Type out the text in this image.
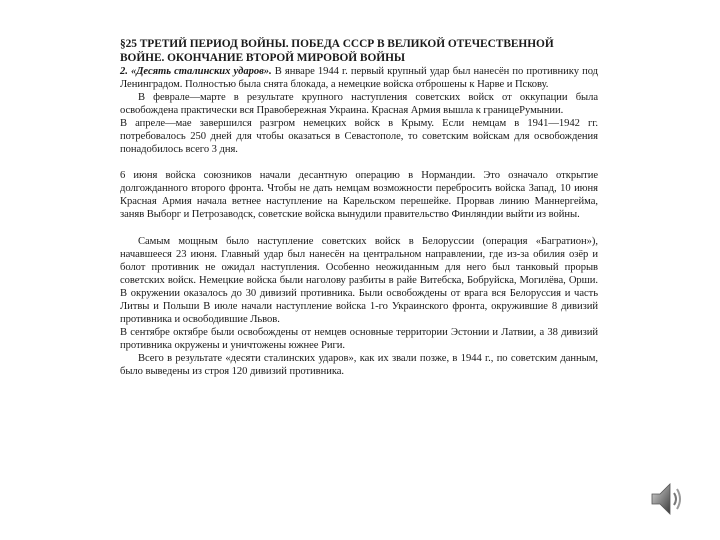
§25 ТРЕТИЙ ПЕРИОД ВОЙНЫ. ПОБЕДА СССР В ВЕЛИКОЙ ОТЕЧЕСТВЕННОЙ
ВОЙНЕ. ОКОНЧАНИЕ ВТОРОЙ МИРОВОЙ ВОЙНЫ

2. «Десять сталинских ударов». В январе 1944 г. первый крупный удар был нанесён по противнику под Ленинградом. Полностью была снята блокада, а немецкие войска отброшены к Нарве и Пскову.

В феврале—марте в результате крупного наступления советских войск от оккупации была освобождена практически вся Правобережная Украина. Красная Армия вышла к границеРумынии.

В апреле—мае завершился разгром немецких войск в Крыму. Если немцам в 1941—1942 гг. потребовалось 250 дней для чтобы оказаться в Севастополе, то советским войскам для освобождения понадобилось всего 3 дня.

6 июня войска союзников начали десантную операцию в Нормандии. Это означало открытие долгожданного второго фронта. Чтобы не дать немцам возможности перебросить войска Запад, 10 июня Красная Армия начала ветнее наступление на Карельском перешейке. Прорвав линию Маннергейма, заняв Выборг и Петрозаводск, советские войска вынудили правительство Финляндии выйти из войны.

Самым мощным было наступление советских войск в Белоруссии (операция «Багратион»), начавшееся 23 июня. Главный удар был нанесён на центральном направлении, где из-за обилия озёр и болот противник не ожидал наступления. Особенно неожиданным для него был танковый прорыв советских войск. Немецкие войска были наголову разбиты в райе Витебска, Бобруйска, Могилёва, Орши. В окружении оказалось до 30 дивизий противника. Были освобождены от врага вся Белоруссия и часть Литвы и Польши В июле начали наступление войска 1-го Украинского фронта, окружившие 8 дивизий противника и освободившие Львов.

В сентябре октябре были освобождены от немцев основные территории Эстонии и Латвии, а 38 дивизий противника окружены и уничтожены южнее Риги.

Всего в результате «десяти сталинских ударов», как их звали позже, в 1944 г., по советским данным, было выведены из строя 120 дивизий противника.
